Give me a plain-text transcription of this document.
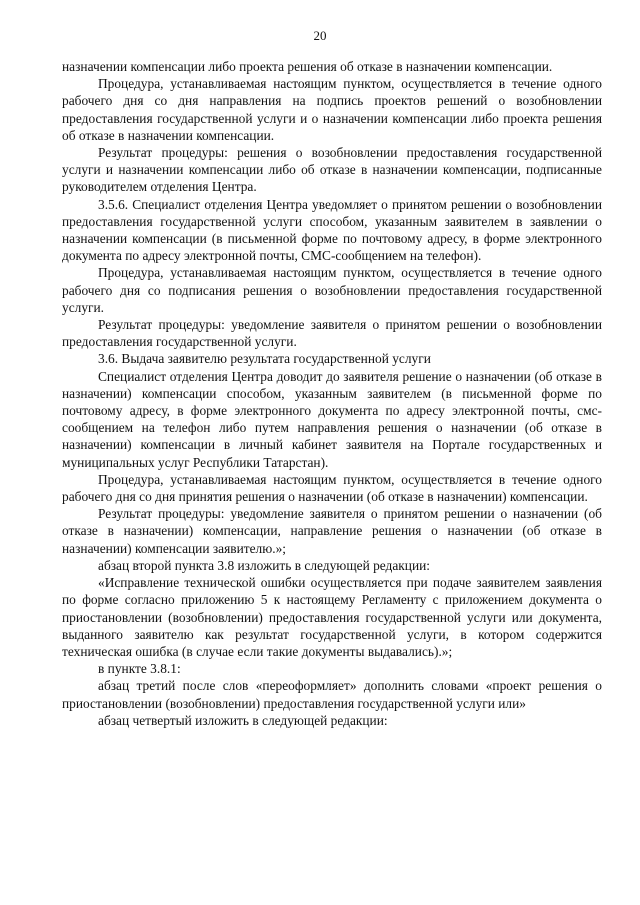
20

назначении компенсации либо проекта решения об отказе в назначении компенсации.

Процедура, устанавливаемая настоящим пунктом, осуществляется в течение одного рабочего дня со дня направления на подпись проектов решений о возобновлении предоставления государственной услуги и о назначении компенсации либо проекта решения об отказе в назначении компенсации.

Результат процедуры: решения о возобновлении предоставления государственной услуги и назначении компенсации либо об отказе в назначении компенсации, подписанные руководителем отделения Центра.

3.5.6. Специалист отделения Центра уведомляет о принятом решении о возобновлении предоставления государственной услуги способом, указанным заявителем в заявлении о назначении компенсации (в письменной форме по почтовому адресу, в форме электронного документа по адресу электронной почты, СМС-сообщением на телефон).

Процедура, устанавливаемая настоящим пунктом, осуществляется в течение одного рабочего дня со подписания решения о возобновлении предоставления государственной услуги.

Результат процедуры: уведомление заявителя о принятом решении о возобновлении предоставления государственной услуги.

3.6. Выдача заявителю результата государственной услуги

Специалист отделения Центра доводит до заявителя решение о назначении (об отказе в назначении) компенсации способом, указанным заявителем (в письменной форме по почтовому адресу, в форме электронного документа по адресу электронной почты, смс-сообщением на телефон либо путем направления решения о назначении (об отказе в назначении) компенсации в личный кабинет заявителя на Портале государственных и муниципальных услуг Республики Татарстан).

Процедура, устанавливаемая настоящим пунктом, осуществляется в течение одного рабочего дня со дня принятия решения о назначении (об отказе в назначении) компенсации.

Результат процедуры: уведомление заявителя о принятом решении о назначении (об отказе в назначении) компенсации, направление решения о назначении (об отказе в назначении) компенсации заявителю.»;

абзац второй пункта 3.8 изложить в следующей редакции:

«Исправление технической ошибки осуществляется при подаче заявителем заявления по форме согласно приложению 5 к настоящему Регламенту с приложением документа о приостановлении (возобновлении) предоставления государственной услуги или документа, выданного заявителю как результат государственной услуги, в котором содержится техническая ошибка (в случае если такие документы выдавались).»;

в пункте 3.8.1:

абзац третий после слов «переоформляет» дополнить словами «проект решения о приостановлении (возобновлении) предоставления государственной услуги или»

абзац четвертый изложить в следующей редакции:
